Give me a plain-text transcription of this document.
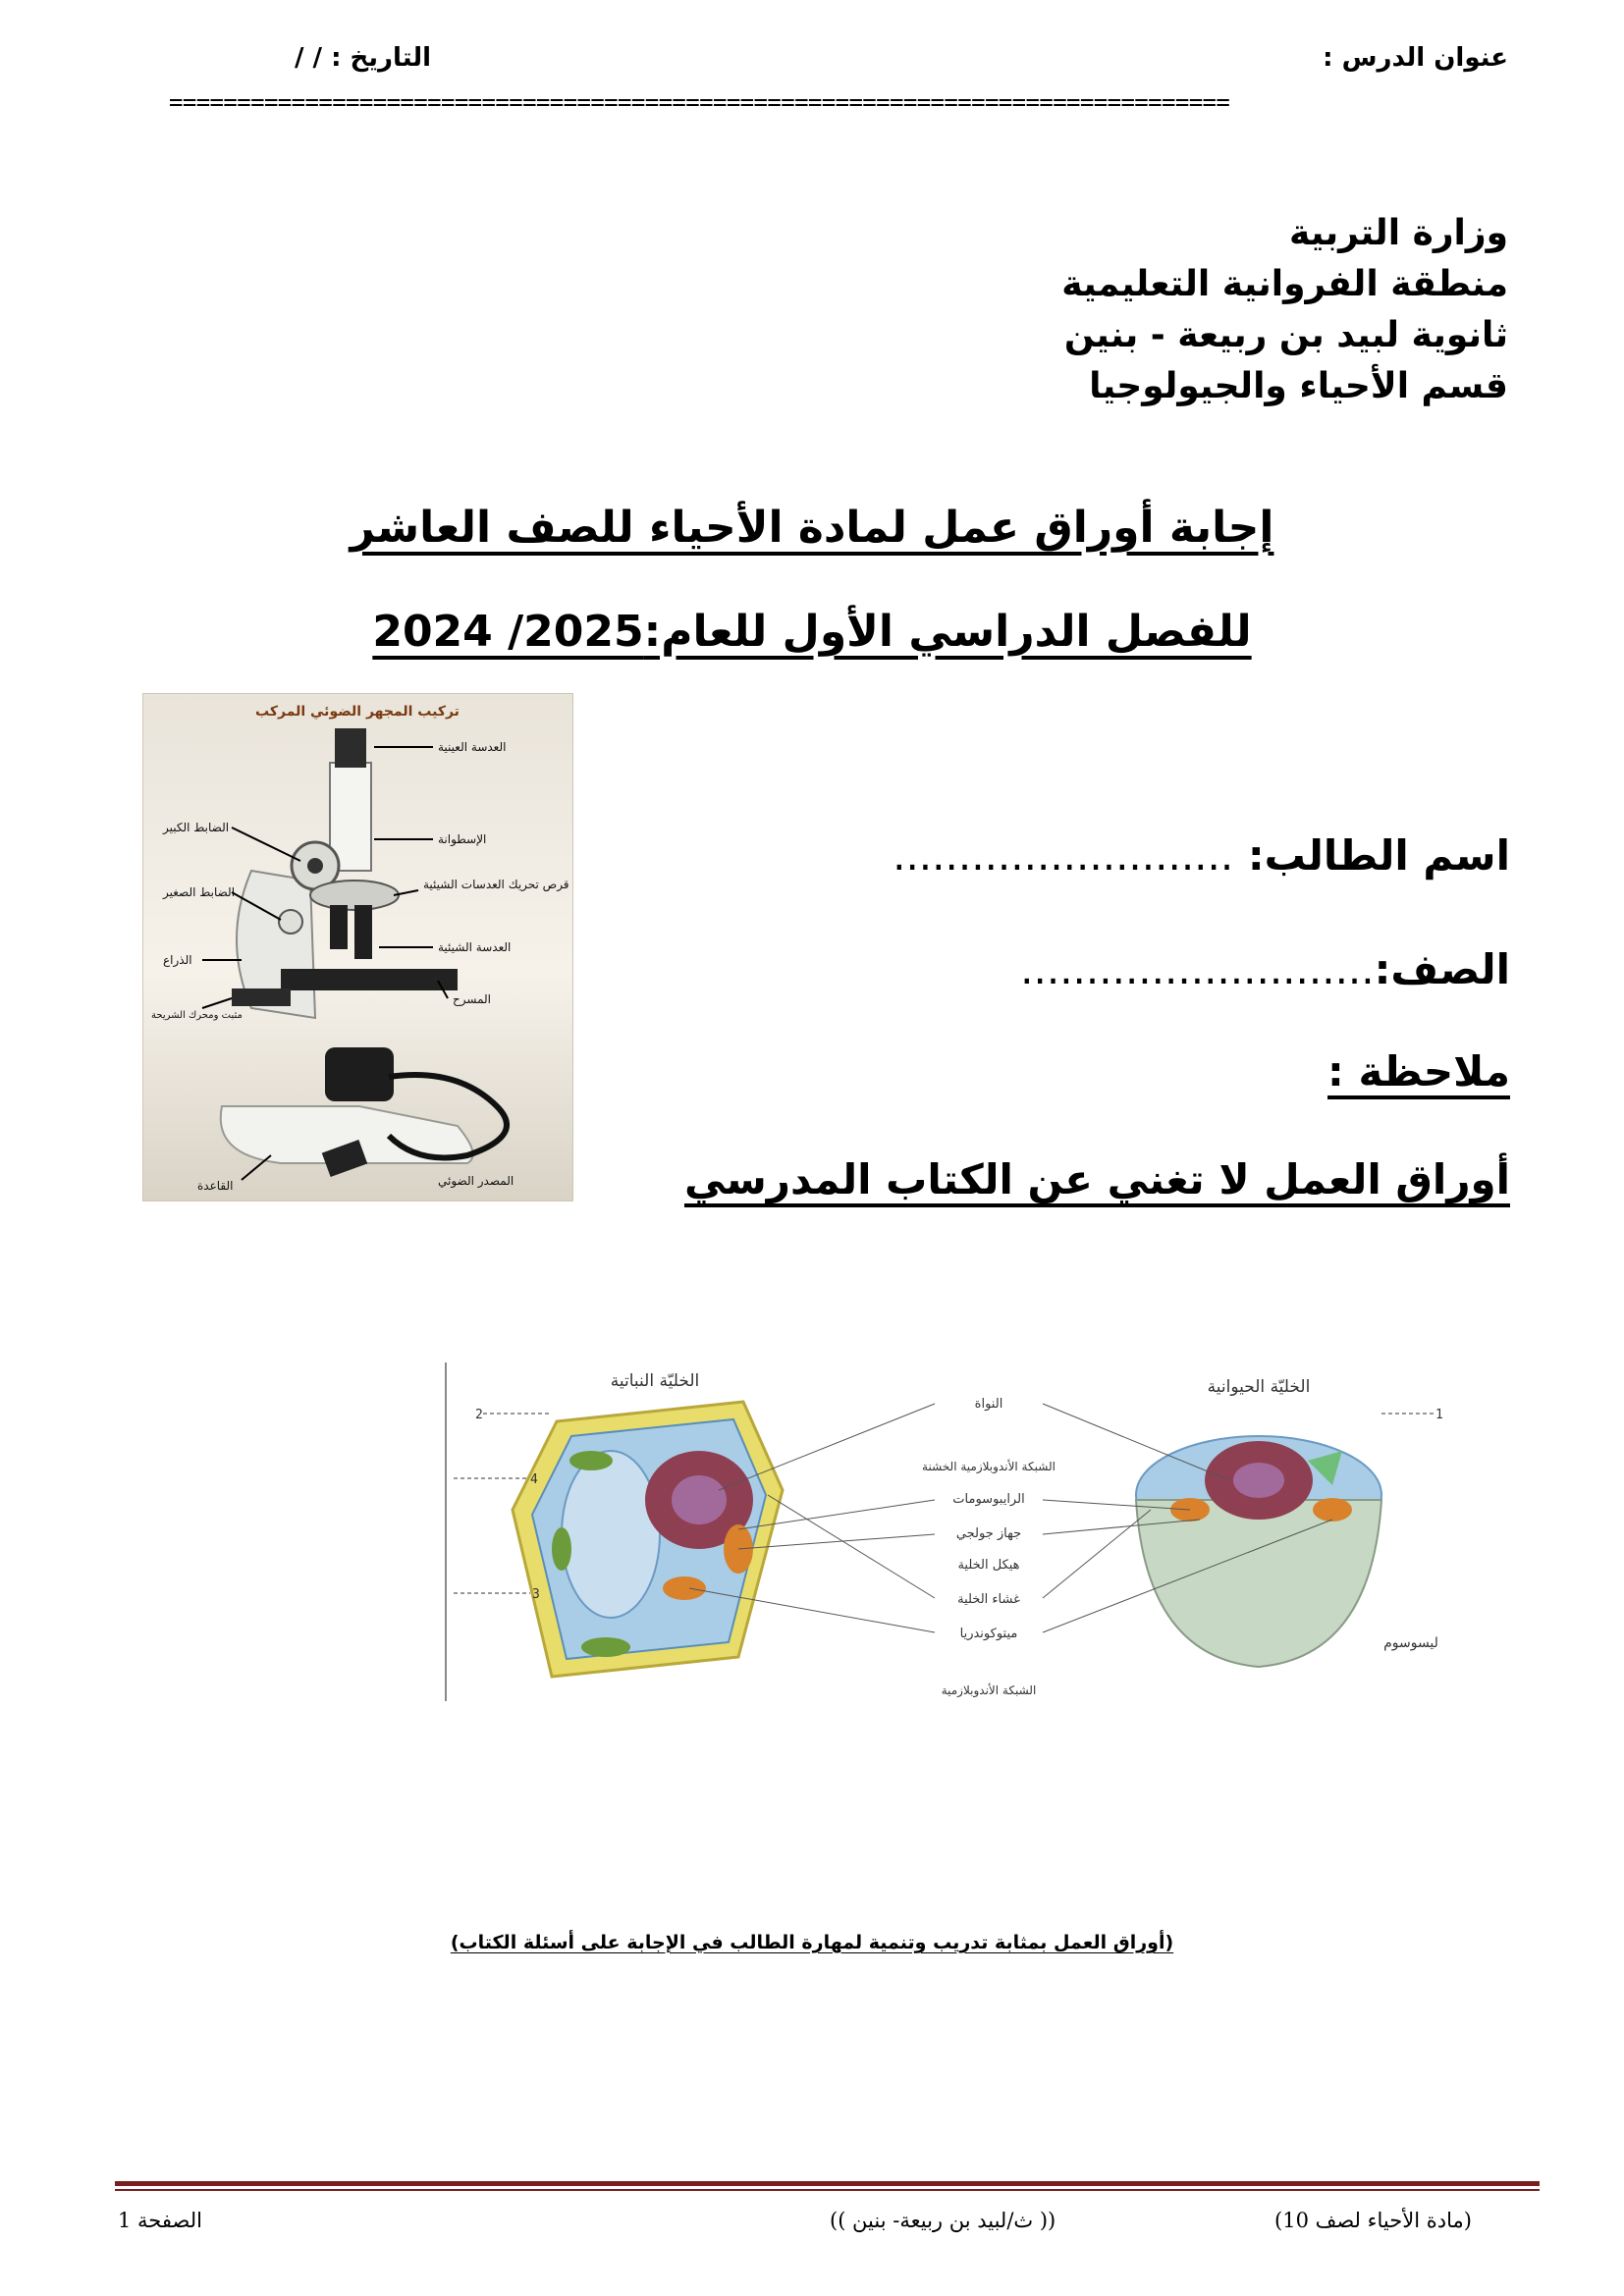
عنوان الدرس :
التاريخ : / /
==============================================================================
وزارة التربية
منطقة الفروانية التعليمية
ثانوية لبيد بن ربيعة - بنين
قسم الأحياء والجيولوجيا
إجابة أوراق عمل لمادة الأحياء للصف العاشر
للفصل الدراسي الأول للعام:2024 /2025
تركيب المجهر الضوئي المركب
العدسة العينية
الإسطوانة
قرص تحريك العدسات الشيئية
العدسة الشيئية
المسرح
المصدر الضوئي
الضابط الكبير
الضابط الصغير
الذراع
مثبت ومحرك الشريحة
القاعدة
اسم الطالب: ..........................
الصف:...........................
ملاحظة :
أوراق العمل لا تغني عن الكتاب المدرسي
الخليّة النباتية	الخليّة الحيوانية
ليسوسوم
النواة
الشبكة الأندوبلازمية الخشنة
الرايبوسومات
جهاز جولجي
هيكل الخلية
غشاء الخلية
ميتوكوندريا
الشبكة الأندوبلازمية
1
2
3
4
(أوراق العمل بمثابة تدريب وتنمية لمهارة الطالب في الإجابة على أسئلة الكتاب)
الصفحة 1	(( ث/لبيد بن ربيعة- بنين ))	(مادة الأحياء لصف 10)
